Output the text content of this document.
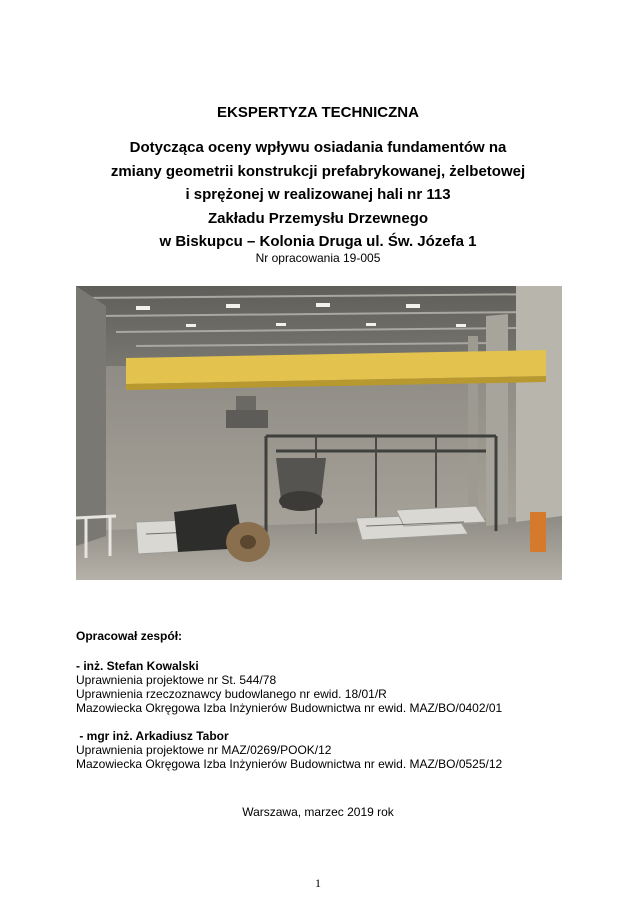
EKSPERTYZA TECHNICZNA
Dotycząca oceny wpływu osiadania fundamentów na
zmiany geometrii konstrukcji prefabrykowanej, żelbetowej
i sprężonej w realizowanej hali nr 113
Zakładu Przemysłu Drzewnego
w Biskupcu – Kolonia Druga ul. Św. Józefa 1
Nr opracowania 19-005
Opracował zespół:
- inż. Stefan Kowalski
Uprawnienia projektowe nr St. 544/78
Uprawnienia rzeczoznawcy budowlanego nr ewid. 18/01/R
Mazowiecka Okręgowa Izba Inżynierów Budownictwa nr ewid. MAZ/BO/0402/01
- mgr inż. Arkadiusz Tabor
Uprawnienia projektowe nr MAZ/0269/POOK/12
Mazowiecka Okręgowa Izba Inżynierów Budownictwa nr ewid. MAZ/BO/0525/12
Warszawa, marzec 2019 rok
1
